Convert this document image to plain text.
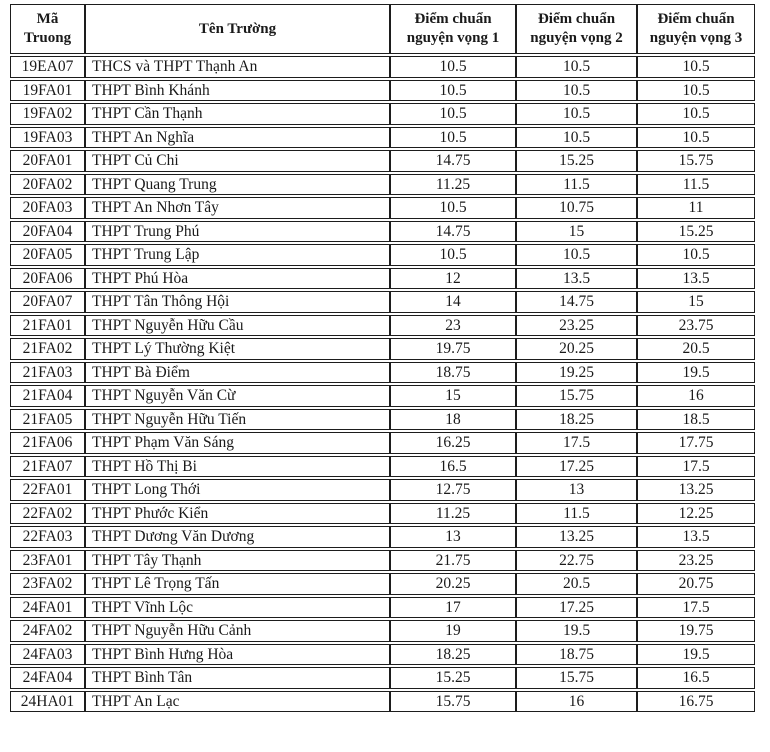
Mã Truong	Tên Trường	Điểm chuẩn nguyện vọng 1	Điểm chuẩn nguyện vọng 2	Điểm chuẩn nguyện vọng 3
19EA07	THCS và THPT Thạnh An	10.5	10.5	10.5
19FA01	THPT Bình Khánh	10.5	10.5	10.5
19FA02	THPT Cần Thạnh	10.5	10.5	10.5
19FA03	THPT An Nghĩa	10.5	10.5	10.5
20FA01	THPT Củ Chi	14.75	15.25	15.75
20FA02	THPT Quang Trung	11.25	11.5	11.5
20FA03	THPT An Nhơn Tây	10.5	10.75	11
20FA04	THPT Trung Phú	14.75	15	15.25
20FA05	THPT Trung Lập	10.5	10.5	10.5
20FA06	THPT Phú Hòa	12	13.5	13.5
20FA07	THPT Tân Thông Hội	14	14.75	15
21FA01	THPT Nguyễn Hữu Cầu	23	23.25	23.75
21FA02	THPT Lý Thường Kiệt	19.75	20.25	20.5
21FA03	THPT Bà Điểm	18.75	19.25	19.5
21FA04	THPT Nguyễn Văn Cừ	15	15.75	16
21FA05	THPT Nguyễn Hữu Tiến	18	18.25	18.5
21FA06	THPT Phạm Văn Sáng	16.25	17.5	17.75
21FA07	THPT Hồ Thị Bi	16.5	17.25	17.5
22FA01	THPT Long Thới	12.75	13	13.25
22FA02	THPT Phước Kiển	11.25	11.5	12.25
22FA03	THPT Dương Văn Dương	13	13.25	13.5
23FA01	THPT Tây Thạnh	21.75	22.75	23.25
23FA02	THPT Lê Trọng Tấn	20.25	20.5	20.75
24FA01	THPT Vĩnh Lộc	17	17.25	17.5
24FA02	THPT Nguyễn Hữu Cảnh	19	19.5	19.75
24FA03	THPT Bình Hưng Hòa	18.25	18.75	19.5
24FA04	THPT Bình Tân	15.25	15.75	16.5
24HA01	THPT An Lạc	15.75	16	16.75
